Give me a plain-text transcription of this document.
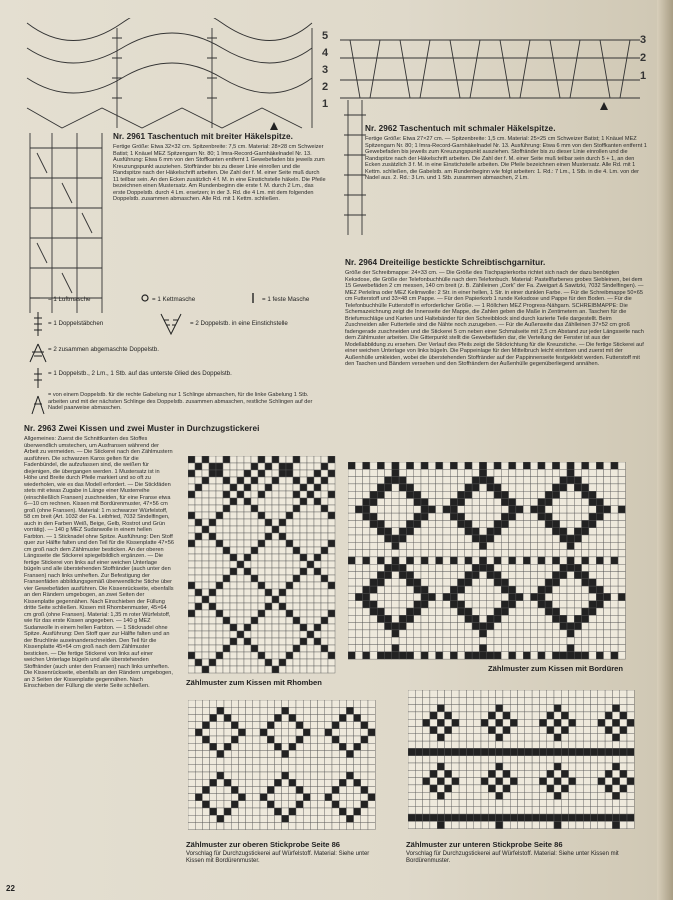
5
4
3
2
1
3
2
1
Nr. 2961 Taschentuch mit breiter Häkelspitze.
Fertige Größe: Etwa 32×32 cm. Spitzenbreite: 7,5 cm. Material: 28×28 cm Schweizer Batist; 1 Knäuel MEZ Spitzengarn Nr. 80; 1 Imra-Record-Garnhäkelnadel Nr. 13. Ausführung: Etwa 6 mm von den Stoffkanten entfernt 1 Gewebefaden bis jeweils zum Kreuzungspunkt ausziehen. Stoffränder bis zu dieser Linie einrollen und die Randspitze nach der Häkelschrift arbeiten. Die Zahl der f. M. einer Seite muß durch 11 teilbar sein. An den Ecken zusätzlich 4 f. M. in eine Einstichstelle häkeln. Die Pfeile bezeichnen einen Mustersatz. Am Rundenbeginn die erste f. M. durch 2 Lm., das erste Doppelstb. durch 4 Lm. ersetzen; in der 3. Rd. die 4 Lm. mit dem folgenden Doppelstb. zusammen abmaschen. Alle Rd. mit 1 Kettm. schließen.
Nr. 2962 Taschentuch mit schmaler Häkelspitze.
Fertige Größe: Etwa 27×27 cm. — Spitzenbreite: 1,5 cm. Material: 25×25 cm Schweizer Batist; 1 Knäuel MEZ Spitzengarn Nr. 80; 1 Imra-Record-Garnhäkelnadel Nr. 13. Ausführung: Etwa 6 mm von den Stoffkanten entfernt 1 Gewebefaden bis jeweils zum Kreuzungspunkt ausziehen. Stoffränder bis zu dieser Linie einrollen und die Randspitze nach der Häkelschrift arbeiten. Die Zahl der f. M. einer Seite muß teilbar sein durch 5 + 1, an den Ecken zusätzlich 3 f. M. in eine Einstichstelle arbeiten. Die Pfeile bezeichnen einen Mustersatz. Alle Rd. mit 1 Kettm. schließen, die Gabelstb. am Rundenbeginn wie folgt arbeiten: 1. Rd.: 7 Lm., 1 Stb. in die 4. Lm. von der Nadel aus. 2. Rd.: 3 Lm. und 1 Stb. zusammen abmaschen, 2 Lm.
Nr. 2964 Dreiteilige bestickte Schreibtischgarnitur.
Größe der Schreibmappe: 24×33 cm. — Die Größe des Tischpapierkorbs richtet sich nach der dazu benötigten Keksdose, die Größe der Telefonbuchhülle nach dem Telefonbuch. Material: Pastellfarbenes grobes Siebleinen, bei dem 15 Gewebefäden 2 cm messen, 140 cm breit (z. B. Zählleinen „Cork“ der Fa. Zweigart & Sawitzki, 7032 Sindelfingen). — MEZ Perlelina oder MEZ Kelimwolle: 2 Str. in einer hellen, 1 Str. in einer dunklen Farbe. — Für die Schreibmappe 50×65 cm Futterstoff und 33×48 cm Pappe. — Für den Papierkorb 1 runde Keksdose und Pappe für den Boden. — Für die Telefonbuchhülle Futterstoff in erforderlicher Größe. — 1 Röllchen MEZ Progress-Nähgarn. SCHREIBMAPPE: Die Schemazeichnung zeigt die Innenseite der Mappe, die Zahlen geben die Maße in Zentimetern an. Taschen für die Briefumschläge und Karten und Haltebänder für den Schreibblock sind durch karierte Teile dargestellt. Beim Zuschneiden aller Futterteile sind die Nähte noch zuzugeben. — Für die Außenseite das Zählleinen 37×52 cm groß fadengerade zuschneiden und die Stickerei 5 cm neben einer Schmalseite mit 2,5 cm Abstand zur jeder Längsseite nach dem Zählmuster arbeiten. Die Gitterpunkt stellt die Gewebefäden dar, die Verteilung der Fenster ist aus der Modellabbildung zu ersehen. Der Verlauf des Pfeils zeigt die Stickrichtung für die Kreuzstiche. — Die fertige Stickerei auf einer weichen Unterlage von links bügeln. Die Pappeinlage für den Mittelbruch leicht einritzen und zuerst mit der Außenhülle umkleiden, wobei die überstehenden Stoffränder auf der Pappinnenseite festgeklebt werden. Futterstoff mit den Taschen und Bändern versehen und den Stoffrändern der Außenhülle gegenüberliegend annähen.
= 1 Luftmasche	= 1 Kettmasche	= 1 feste Masche
= 1 Doppelstäbchen	= 2 Doppelstb. in eine Einstichstelle
= 2 zusammen abgemaschte Doppelstb.
= 1 Doppelstb., 2 Lm., 1 Stb. auf das unterste Glied des Doppelstb.
= von einem Doppelstb. für die rechte Gabelung nur 1 Schlinge abmaschen, für die linke Gabelung 1 Stb. arbeiten und mit der nächsten Schlinge des Doppelstb. zusammen abmaschen, restliche Schlingen auf der Nadel paarweise abmaschen.
Nr. 2963 Zwei Kissen und zwei Muster in Durchzugstickerei
Allgemeines: Zuerst die Schnittkanten des Stoffes überwendlich umstechen, um Ausfransen während der Arbeit zu vermeiden. — Die Stickerei nach den Zählmustern ausführen. Die schwarzen Karos gelten für die Fadenbündel, die aufzufassen sind, die weißen für diejenigen, die übergangen werden. 1 Mustersatz ist in Höhe und Breite durch Pfeile markiert und so oft zu wiederholen, wie es das Modell erfordert. — Die Stickfäden stets mit etwas Zugabe in Länge einer Musterreihe (einschließlich Fransen) zuschneiden, für eine Franse etwa 6—10 cm rechnen. Kissen mit Bordürenmuster, 47×56 cm groß (ohne Fransen). Material: 1 m schwarzer Würfelstoff, 58 cm breit (Art. 1032 der Fa. Leibfried, 7032 Sindelfingen, auch in den Farben Weiß, Beige, Gelb, Rostrot und Grün vorrätig). — 140 g MEZ Sudanwolle in einem hellen Farbton. — 1 Sticknadel ohne Spitze. Ausführung: Den Stoff quer zur Hälfte falten und den Teil für die Kissenplatte 47×56 cm groß nach dem Zählmuster besticken. An der oberen Längsseite die Stickerei spiegelbildlich ergänzen. — Die fertige Stickerei von links auf einer weichen Unterlage bügeln und alle überstehenden Stoffränder (auch unter den Fransen) nach links umheften. Zur Befestigung der Fransenfäden abbildungsgemäß überwendliche Stiche über vier Gewebefäden ausführen. Die Kissenrückseite, ebenfalls an den Rändern umgebogen, an zwei Seiten der Kissenplatte gegennähen. Nach Einschieben der Füllung dritte Seite schließen. Kissen mit Rhombenmuster, 45×64 cm groß (ohne Fransen). Material: 1,35 m roter Würfelstoff, wie für das erste Kissen angegeben. — 140 g MEZ Sudanwolle in einem hellen Farbton. — 1 Sticknadel ohne Spitze. Ausführung: Den Stoff quer zur Hälfte falten und an der Bruchlinie auseinanderschneiden. Den Teil für die Kissenplatte 45×64 cm groß nach dem Zählmuster besticken. — Die fertige Stickerei von links auf einer weichen Unterlage bügeln und alle überstehenden Stoffränder (auch unter den Fransen) nach links umheften. Die Kissenrückseite, ebenfalls an den Rändern umgebogen, an 3 Seiten der Kissenplatte gegennähen. Nach Einschieben der Füllung die vierte Seite schließen.	Zählmuster zum Kissen mit Rhomben
Zählmuster zum Kissen mit Bordüren
Zählmuster zur oberen Stickprobe Seite 86
Vorschlag für Durchzugstickerei auf Würfelstoff. Material: Siehe unter Kissen mit Bordürenmuster.
Zählmuster zur unteren Stickprobe Seite 86
Vorschlag für Durchzugstickerei auf Würfelstoff. Material: Siehe unter Kissen mit Bordürenmuster.
22
